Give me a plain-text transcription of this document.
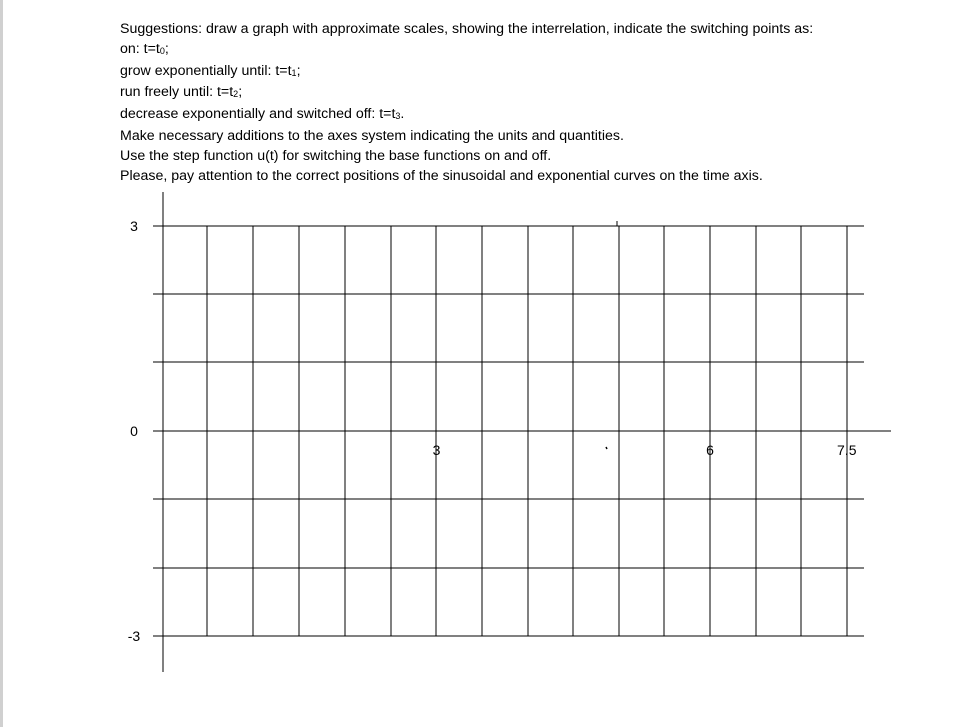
Suggestions: draw a graph with approximate scales, showing the interrelation, indicate the switching points as:
on: $t=t_0$;
grow exponentially until: $t=t_1$;
run freely until: $t=t_2$;
decrease exponentially and switched off: $t=t_3$.
Make necessary additions to the axes system indicating the units and quantities.
Use the step function u(t) for switching the base functions on and off.
Please, pay attention to the correct positions of the sinusoidal and exponential curves on the time axis.
3
0
-3
3	6	7.5
